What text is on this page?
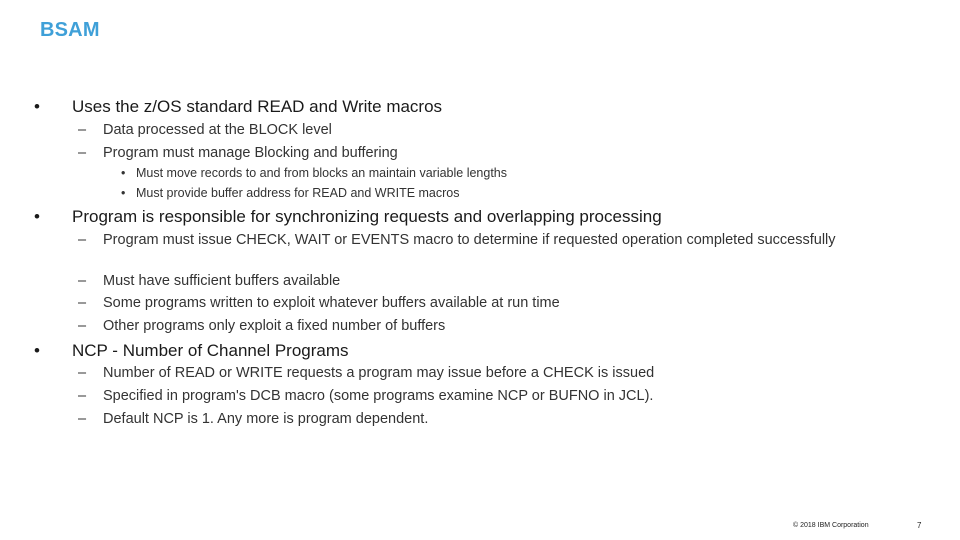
BSAM
• Uses the z/OS standard READ and Write macros
– Data processed at the BLOCK level
– Program must manage Blocking and buffering
• Must move records to and from blocks an maintain variable lengths
• Must provide buffer address for READ and WRITE macros
• Program is responsible for synchronizing requests and overlapping processing
– Program must issue CHECK, WAIT or EVENTS macro to determine if requested operation completed successfully
– Must have sufficient buffers available
– Some programs written to exploit whatever buffers available at run time
– Other programs only exploit a fixed number of buffers
• NCP - Number of Channel Programs
– Number of READ or WRITE requests a program may issue before a CHECK is issued
– Specified in program's DCB macro (some programs examine NCP or BUFNO in JCL).
– Default NCP is 1. Any more is program dependent.
© 2018 IBM Corporation	7
